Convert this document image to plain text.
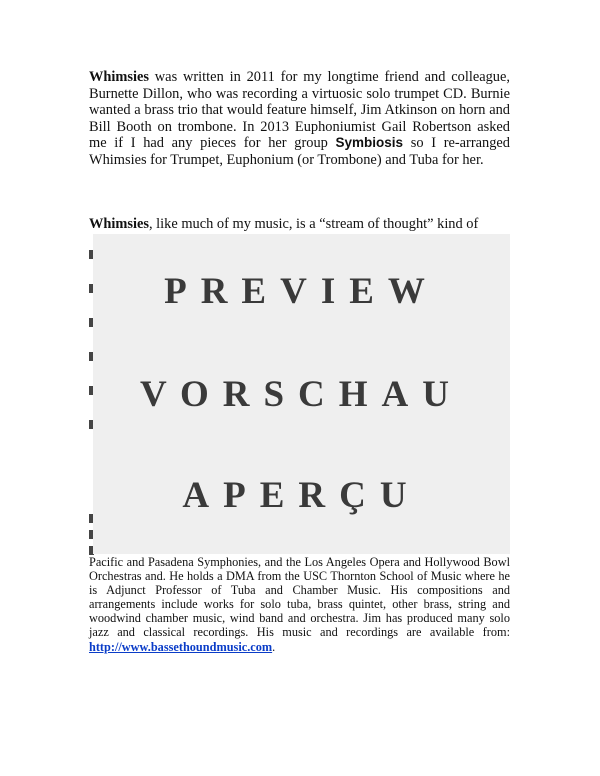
Whimsies was written in 2011 for my longtime friend and colleague, Burnette Dillon, who was recording a virtuosic solo trumpet CD. Burnie wanted a brass trio that would feature himself, Jim Atkinson on horn and Bill Booth on trombone. In 2013 Euphoniumist Gail Robertson asked me if I had any pieces for her group Symbiosis so I re-arranged Whimsies for Trumpet, Euphonium (or Trombone) and Tuba for her.
Whimsies, like much of my music, is a “stream of thought” kind of
PREVIEW
VORSCHAU
APERÇU
Pacific and Pasadena Symphonies, and the Los Angeles Opera and Hollywood Bowl Orchestras and. He holds a DMA from the USC Thornton School of Music where he is Adjunct Professor of Tuba and Chamber Music. His compositions and arrangements include works for solo tuba, brass quintet, other brass, string and woodwind chamber music, wind band and orchestra. Jim has produced many solo jazz and classical recordings. His music and recordings are available from: http://www.bassethoundmusic.com.
